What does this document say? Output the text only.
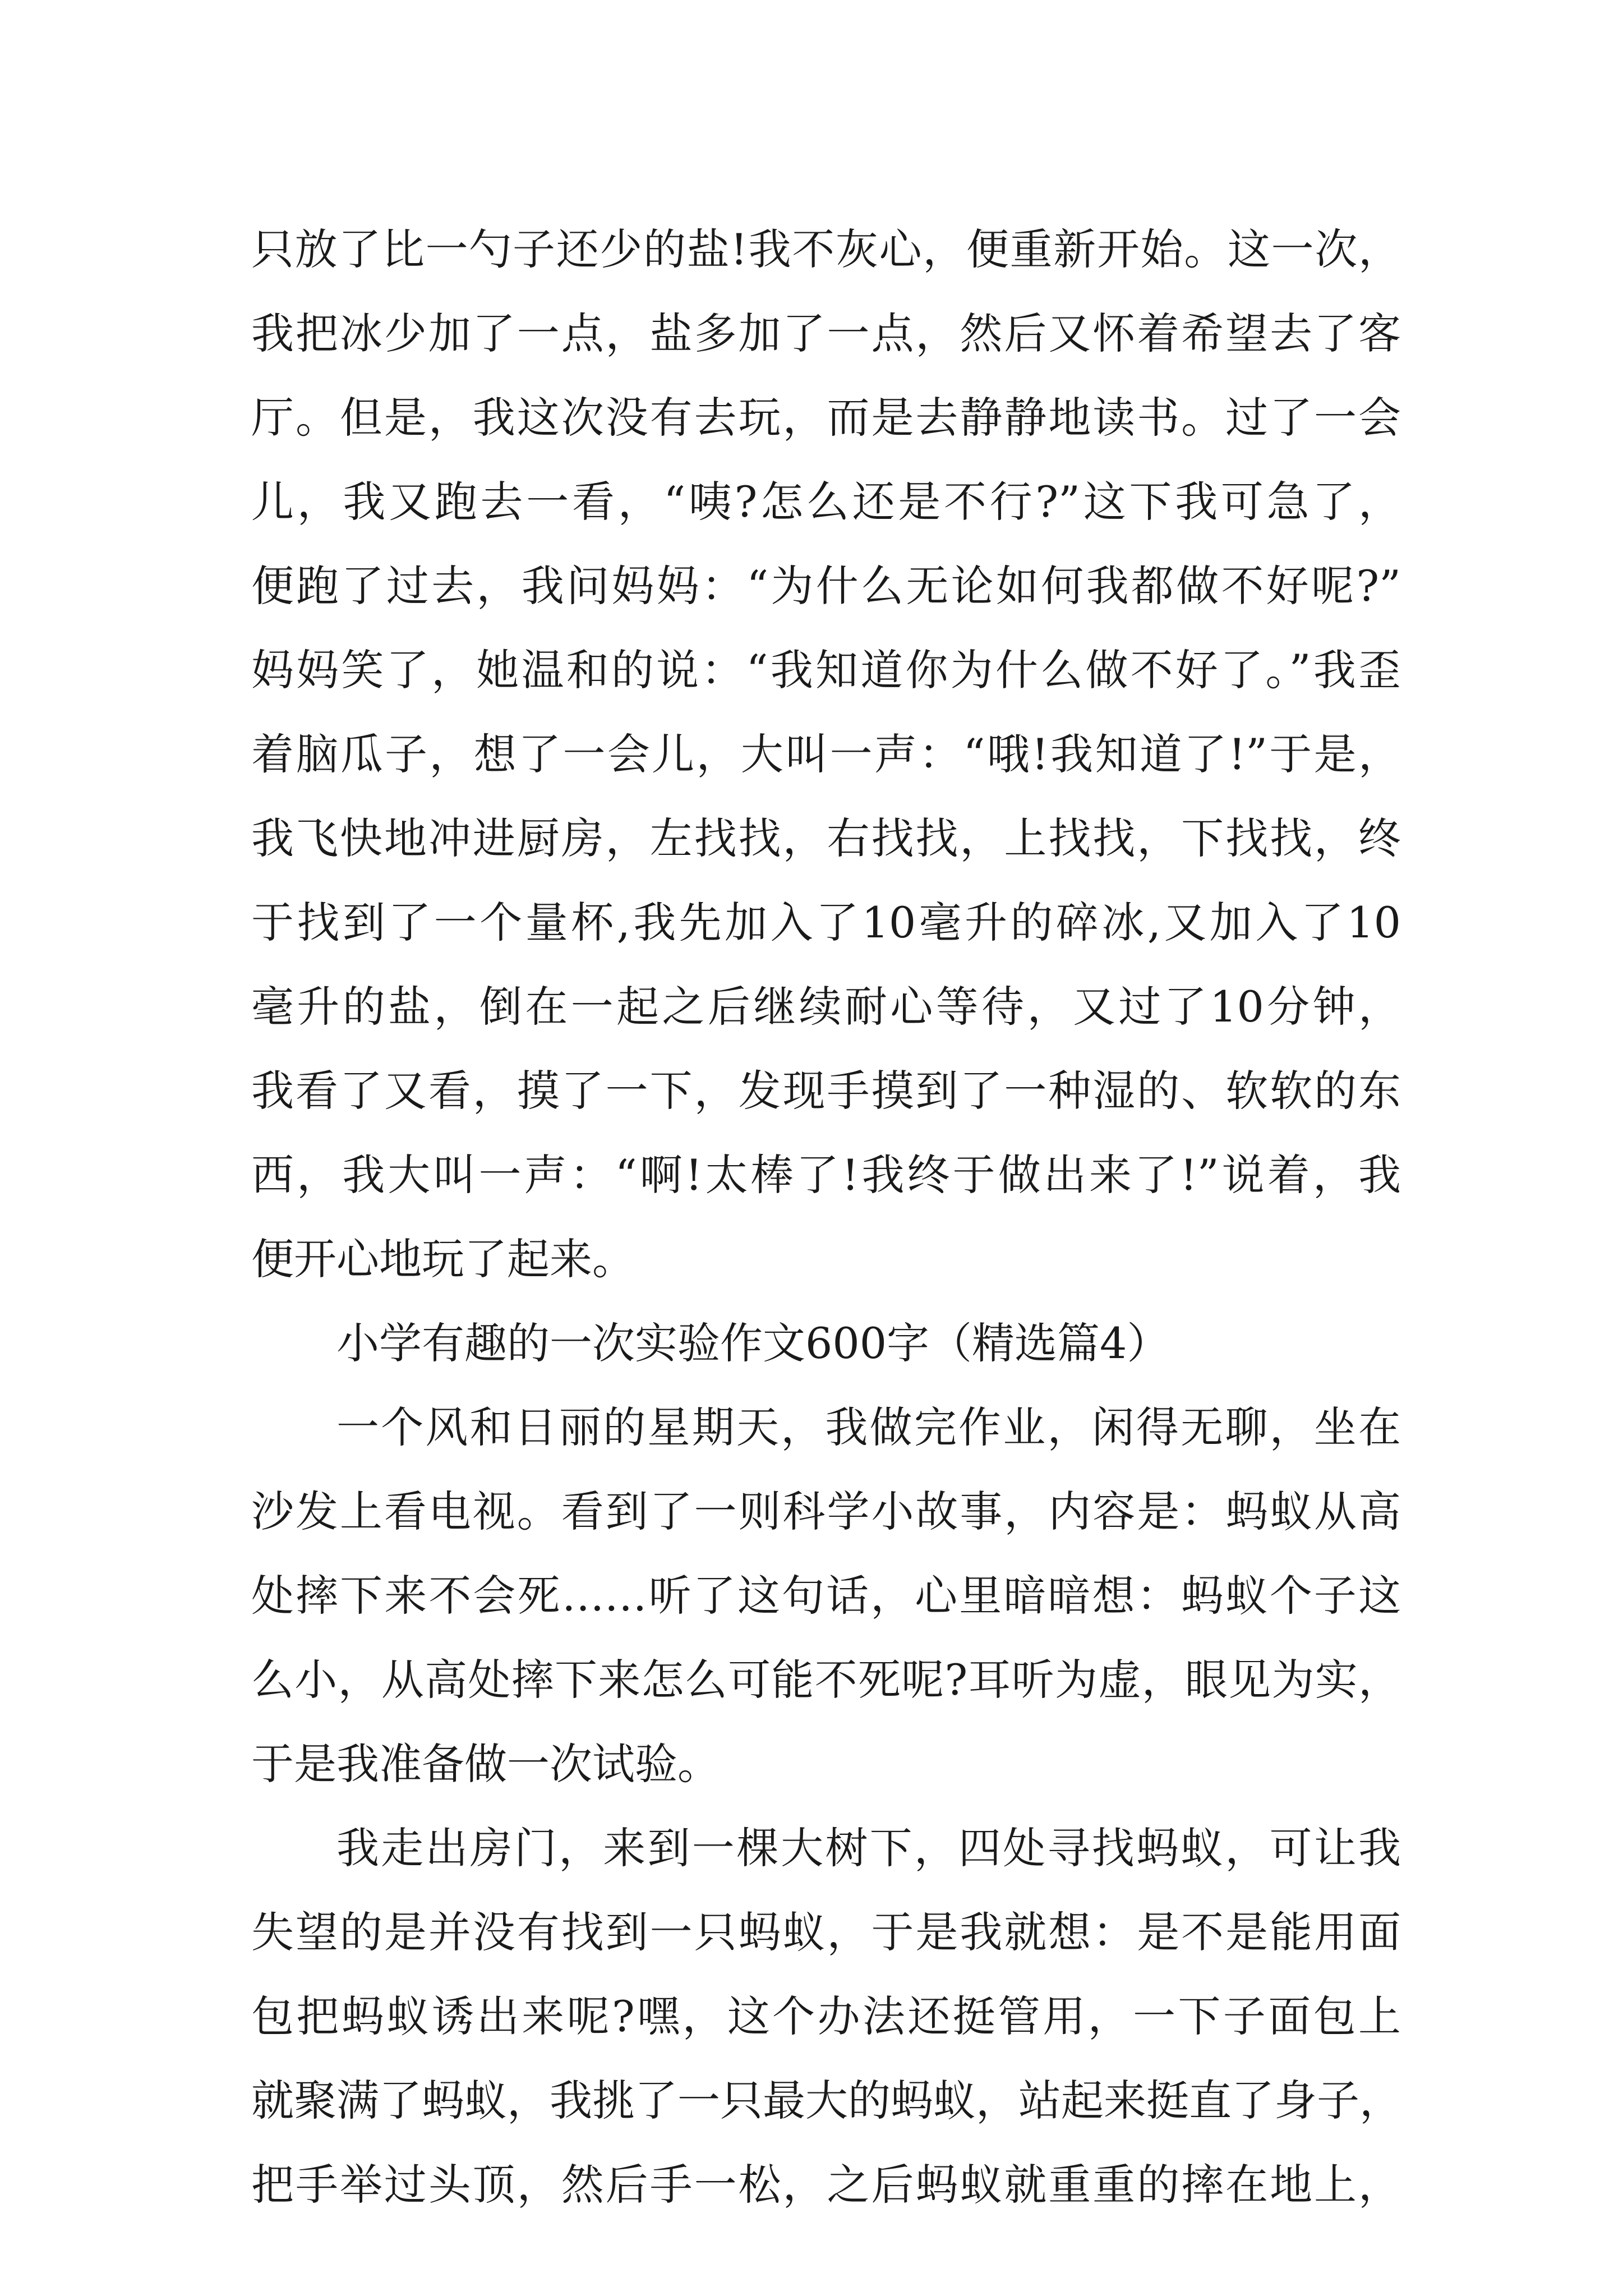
只放了比一勺子还少的盐!我不灰心，便重新开始。这一次，
我把冰少加了一点，盐多加了一点，然后又怀着希望去了客
厅。但是，我这次没有去玩，而是去静静地读书。过了一会
儿，我又跑去一看，“咦?怎么还是不行?”这下我可急了，
便跑了过去，我问妈妈：“为什么无论如何我都做不好呢?”
妈妈笑了，她温和的说：“我知道你为什么做不好了。”我歪
着脑瓜子，想了一会儿，大叫一声：“哦!我知道了!”于是，
我飞快地冲进厨房，左找找，右找找，上找找，下找找，终
于找到了一个量杯,我先加入了10毫升的碎冰,又加入了10
毫升的盐，倒在一起之后继续耐心等待，又过了10分钟，
我看了又看，摸了一下，发现手摸到了一种湿的、软软的东
西，我大叫一声：“啊!太棒了!我终于做出来了!”说着，我
便开心地玩了起来。
小学有趣的一次实验作文600字（精选篇4）
一个风和日丽的星期天，我做完作业，闲得无聊，坐在
沙发上看电视。看到了一则科学小故事，内容是：蚂蚁从高
处摔下来不会死……听了这句话，心里暗暗想：蚂蚁个子这
么小，从高处摔下来怎么可能不死呢?耳听为虚，眼见为实，
于是我准备做一次试验。
我走出房门，来到一棵大树下，四处寻找蚂蚁，可让我
失望的是并没有找到一只蚂蚁，于是我就想：是不是能用面
包把蚂蚁诱出来呢?嘿，这个办法还挺管用，一下子面包上
就聚满了蚂蚁，我挑了一只最大的蚂蚁，站起来挺直了身子，
把手举过头顶，然后手一松，之后蚂蚁就重重的摔在地上，
